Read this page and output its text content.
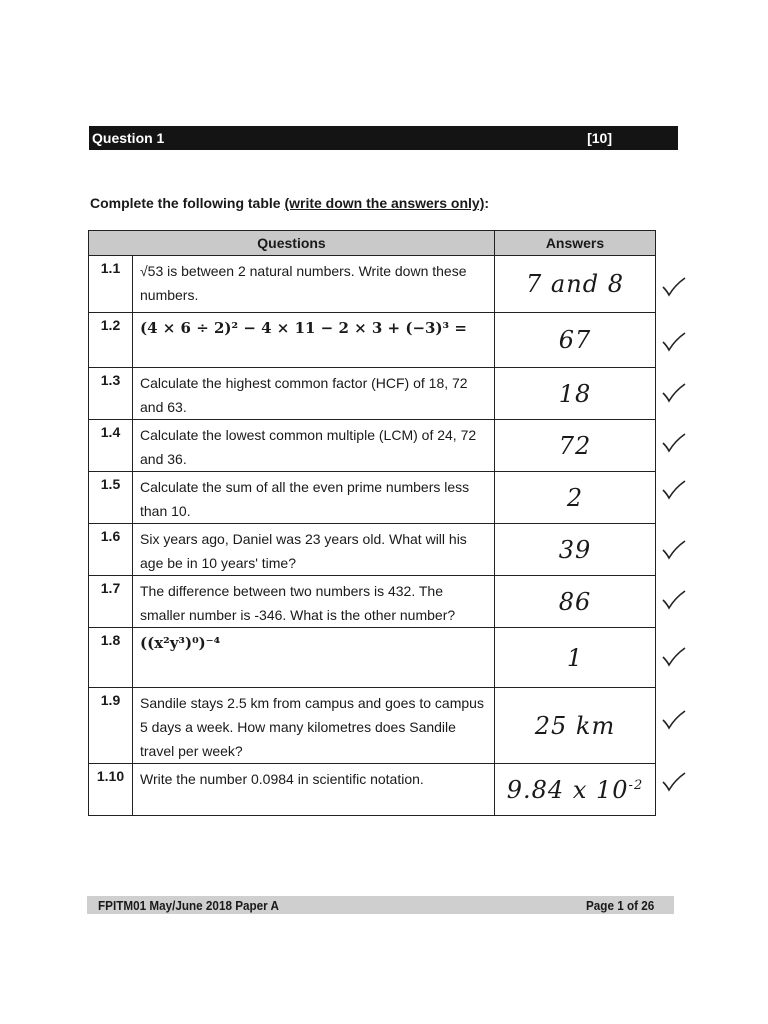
Question 1	[10]
Complete the following table (write down the answers only):
Questions		Answers
1.1	√53 is between 2 natural numbers. Write down these numbers.	7 and 8
1.2	(4 × 6 ÷ 2)² − 4 × 11 − 2 × 3 + (−3)³ =	67
1.3	Calculate the highest common factor (HCF) of 18, 72 and 63.	18
1.4	Calculate the lowest common multiple (LCM) of 24, 72 and 36.	72
1.5	Calculate the sum of all the even prime numbers less than 10.	2
1.6	Six years ago, Daniel was 23 years old. What will his age be in 10 years' time?	39
1.7	The difference between two numbers is 432. The smaller number is -346. What is the other number?	86
1.8	((x²y³)⁰)⁻⁴	1
1.9	Sandile stays 2.5 km from campus and goes to campus 5 days a week. How many kilometres does Sandile travel per week?	25 km
1.10	Write the number 0.0984 in scientific notation.	9.84 x $10^{-2}$
FPITM01 May/June 2018 Paper A	Page 1 of 26
